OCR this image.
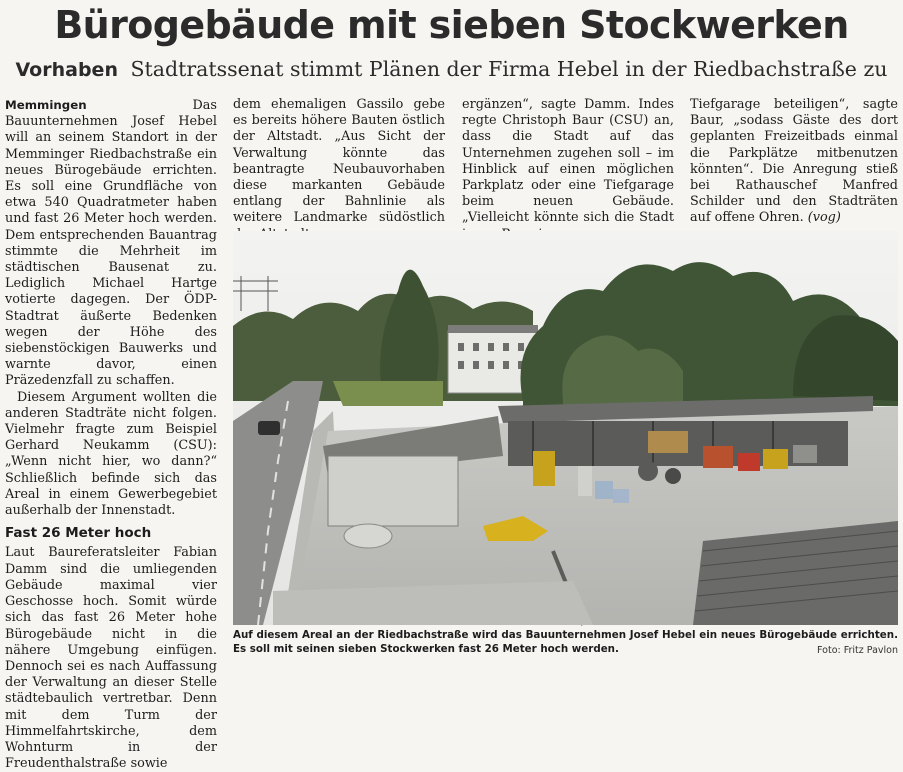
Bürogebäude mit sieben Stockwerken
Vorhaben Stadtratssenat stimmt Plänen der Firma Hebel in der Riedbachstraße zu

Memmingen	Das Bauunternehmen Josef Hebel will an seinem Standort in der Memminger Riedbachstraße ein neues Bürogebäude errichten. Es soll eine Grundfläche von etwa 540 Quadratmeter haben und fast 26 Meter hoch werden. Dem entsprechenden Bauantrag stimmte die Mehrheit im städtischen Bausenat zu. Lediglich Michael Hartge votierte dagegen. Der ÖDP-Stadtrat äußerte Bedenken wegen der Höhe des siebenstöckigen Bauwerks und warnte davor, einen Präzedenzfall zu schaffen.

Diesem Argument wollten die anderen Stadträte nicht folgen. Vielmehr fragte zum Beispiel Gerhard Neukamm (CSU): „Wenn nicht hier, wo dann?“ Schließlich befinde sich das Areal in einem Gewerbegebiet außerhalb der Innenstadt.

Fast 26 Meter hoch

Laut Baureferatsleiter Fabian Damm sind die umliegenden Gebäude maximal vier Geschosse hoch. Somit würde sich das fast 26 Meter hohe Bürogebäude nicht in die nähere Umgebung einfügen. Dennoch sei es nach Auffassung der Verwaltung an dieser Stelle städtebaulich vertretbar. Denn mit dem Turm der Himmelfahrtskirche, dem Wohnturm in der Freudenthalstraße sowie

dem ehemaligen Gassilo gebe es bereits höhere Bauten östlich der Altstadt. „Aus Sicht der Verwaltung könnte das beantragte Neubauvorhaben diese markanten Gebäude entlang der Bahnlinie als weitere Landmarke südöstlich

ergänzen“, sagte Damm. Indes regte Christoph Baur (CSU) an, dass die Stadt auf das Unternehmen zugehen soll – im Hinblick auf einen möglichen Parkplatz oder eine Tiefgarage beim neuen Gebäude. „Vielleicht könnte sich die Stadt

Tiefgarage beteiligen“, sagte Baur, „sodass Gäste des dort geplanten Freizeitbads einmal die Parkplätze mitbenutzen könnten“. Die Anregung stieß bei Rathauschef Manfred Schilder und den Stadträten auf offene Ohren. (vog)

Auf diesem Areal an der Riedbachstraße wird das Bauunternehmen Josef Hebel ein neues Bürogebäude errichten. Es soll mit seinen sieben Stockwerken fast 26 Meter hoch werden.	Foto: Fritz Pavlon
